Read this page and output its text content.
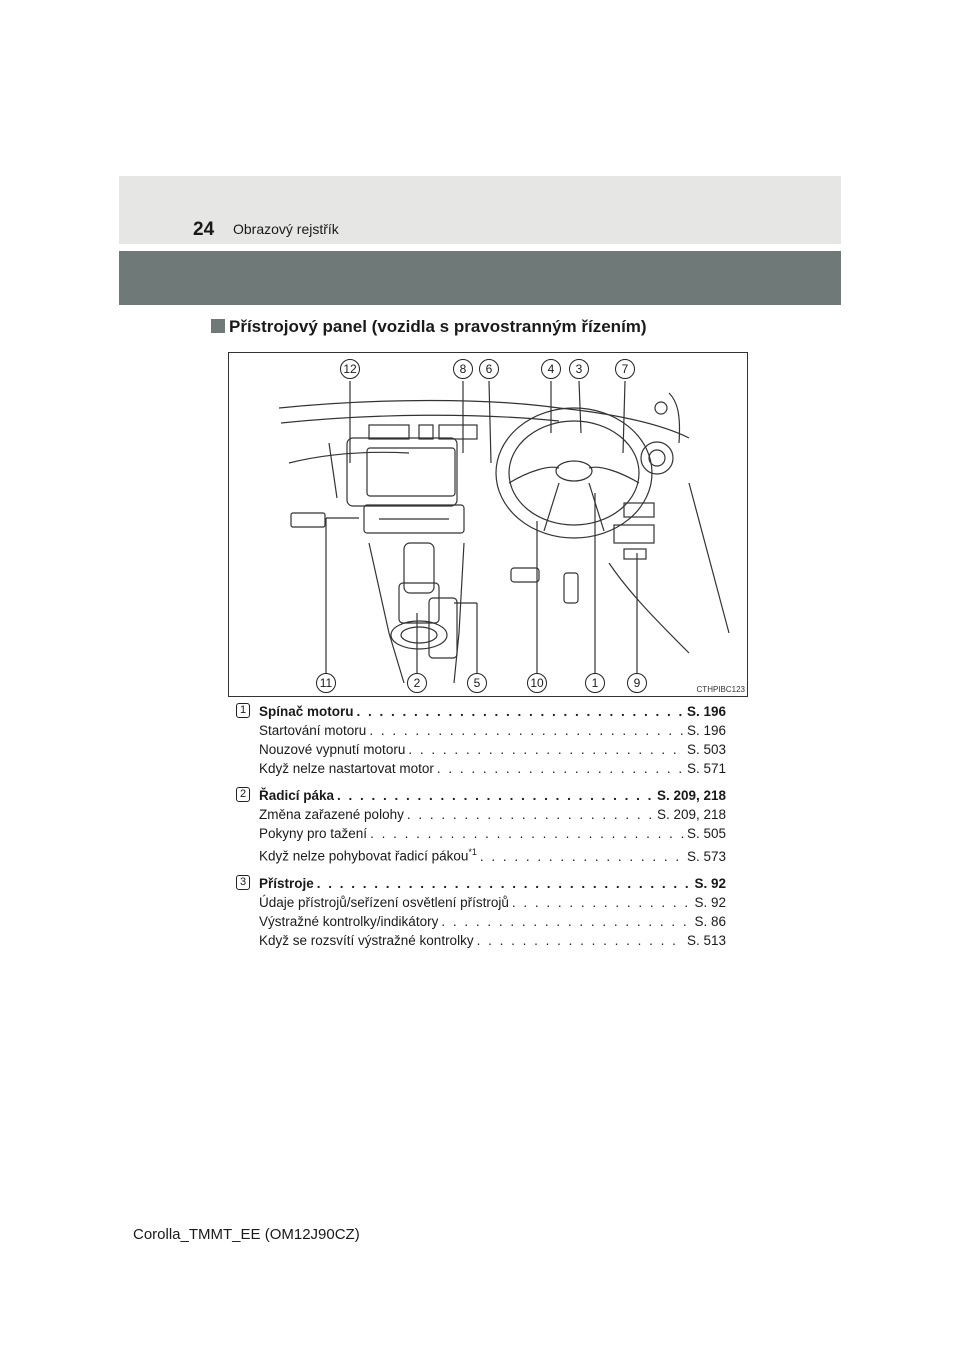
24 Obrazový rejstřík
Přístrojový panel (vozidla s pravostranným řízením)
12	8	6	4	3	7
11	2	5	10	1	9	CTHPIBC123
1 Spínač motoru . . .	S. 196
Startování motoru . . .	S. 196
Nouzové vypnutí motoru . . .	S. 503
Když nelze nastartovat motor . . .	S. 571
2 Řadicí páka . . .	S. 209, 218
Změna zařazené polohy . . .	S. 209, 218
Pokyny pro tažení . . .	S. 505
Když nelze pohybovat řadicí pákou$^{*1}$ . . .	S. 573
3 Přístroje . . .	S. 92
Údaje přístrojů/seřízení osvětlení přístrojů . . .	S. 92
Výstražné kontrolky/indikátory . . .	S. 86
Když se rozsvítí výstražné kontrolky . . .	S. 513
Corolla_TMMT_EE (OM12J90CZ)
